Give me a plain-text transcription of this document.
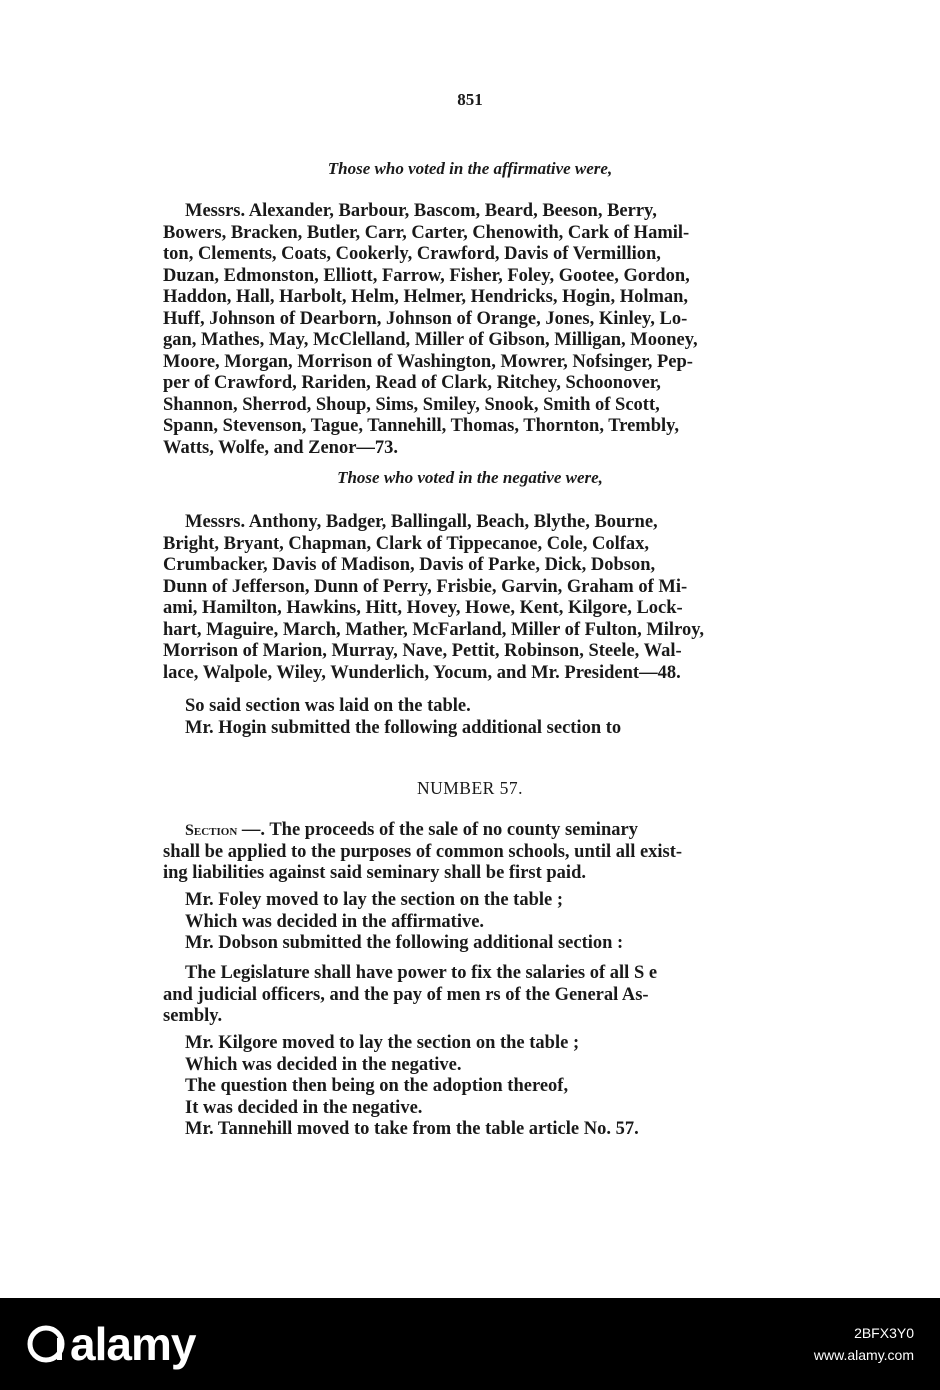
851
Those who voted in the affirmative were,
Messrs. Alexander, Barbour, Bascom, Beard, Beeson, Berry,
Bowers, Bracken, Butler, Carr, Carter, Chenowith, Cark of Hamil-
ton, Clements, Coats, Cookerly, Crawford, Davis of Vermillion,
Duzan, Edmonston, Elliott, Farrow, Fisher, Foley, Gootee, Gordon,
Haddon, Hall, Harbolt, Helm, Helmer, Hendricks, Hogin, Holman,
Huff, Johnson of Dearborn, Johnson of Orange, Jones, Kinley, Lo-
gan, Mathes, May, McClelland, Miller of Gibson, Milligan, Mooney,
Moore, Morgan, Morrison of Washington, Mowrer, Nofsinger, Pep-
per of Crawford, Rariden, Read of Clark, Ritchey, Schoonover,
Shannon, Sherrod, Shoup, Sims, Smiley, Snook, Smith of Scott,
Spann, Stevenson, Tague, Tannehill, Thomas, Thornton, Trembly,
Watts, Wolfe, and Zenor—73.
Those who voted in the negative were,
Messrs. Anthony, Badger, Ballingall, Beach, Blythe, Bourne,
Bright, Bryant, Chapman, Clark of Tippecanoe, Cole, Colfax,
Crumbacker, Davis of Madison, Davis of Parke, Dick, Dobson,
Dunn of Jefferson, Dunn of Perry, Frisbie, Garvin, Graham of Mi-
ami, Hamilton, Hawkins, Hitt, Hovey, Howe, Kent, Kilgore, Lock-
hart, Maguire, March, Mather, McFarland, Miller of Fulton, Milroy,
Morrison of Marion, Murray, Nave, Pettit, Robinson, Steele, Wal-
lace, Walpole, Wiley, Wunderlich, Yocum, and Mr. President—48.
So said section was laid on the table.
Mr. Hogin submitted the following additional section to
NUMBER 57.
Section —. The proceeds of the sale of no county seminary
shall be applied to the purposes of common schools, until all exist-
ing liabilities against said seminary shall be first paid.
Mr. Foley moved to lay the section on the table ;
Which was decided in the affirmative.
Mr. Dobson submitted the following additional section :
The Legislature shall have power to fix the salaries of all S e
and judicial officers, and the pay of men rs of the General As-
sembly.
Mr. Kilgore moved to lay the section on the table ;
Which was decided in the negative.
The question then being on the adoption thereof,
It was decided in the negative.
Mr. Tannehill moved to take from the table article No. 57.
alamy	2BFX3Y0
www.alamy.com
